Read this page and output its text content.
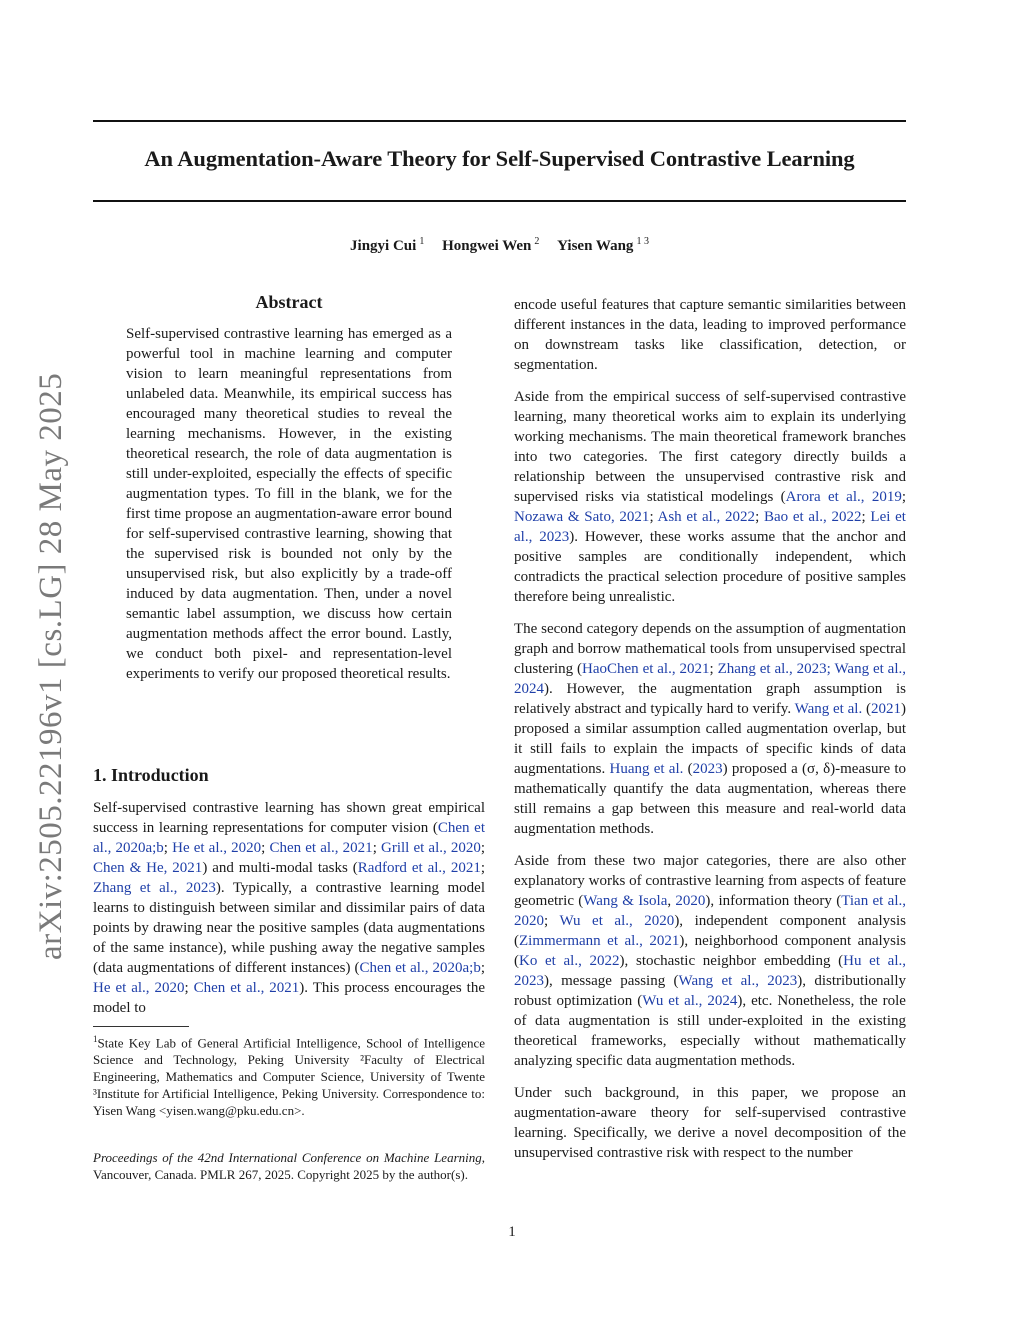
An Augmentation-Aware Theory for Self-Supervised Contrastive Learning
Jingyi Cui $^1$ Hongwei Wen $^2$ Yisen Wang $^{1 3}$
arXiv:2505.22196v1 [cs.LG] 28 May 2025
Abstract
Self-supervised contrastive learning has emerged as a powerful tool in machine learning and computer vision to learn meaningful representations from unlabeled data. Meanwhile, its empirical success has encouraged many theoretical studies to reveal the learning mechanisms. However, in the existing theoretical research, the role of data augmentation is still under-exploited, especially the effects of specific augmentation types. To fill in the blank, we for the first time propose an augmentation-aware error bound for self-supervised contrastive learning, showing that the supervised risk is bounded not only by the unsupervised risk, but also explicitly by a trade-off induced by data augmentation. Then, under a novel semantic label assumption, we discuss how certain augmentation methods affect the error bound. Lastly, we conduct both pixel- and representation-level experiments to verify our proposed theoretical results.
1. Introduction

Self-supervised contrastive learning has shown great empirical success in learning representations for computer vision (Chen et al., 2020a;b; He et al., 2020; Chen et al., 2021; Grill et al., 2020; Chen & He, 2021) and multi-modal tasks (Radford et al., 2021; Zhang et al., 2023). Typically, a contrastive learning model learns to distinguish between similar and dissimilar pairs of data points by drawing near the positive samples (data augmentations of the same instance), while pushing away the negative samples (data augmentations of different instances) (Chen et al., 2020a;b; He et al., 2020; Chen et al., 2021). This process encourages the model to

$^1$State Key Lab of General Artificial Intelligence, School of Intelligence Science and Technology, Peking University ²Faculty of Electrical Engineering, Mathematics and Computer Science, University of Twente ³Institute for Artificial Intelligence, Peking University. Correspondence to: Yisen Wang <yisen.wang@pku.edu.cn>.
Proceedings of the 42nd International Conference on Machine Learning, Vancouver, Canada. PMLR 267, 2025. Copyright 2025 by the author(s).

encode useful features that capture semantic similarities between different instances in the data, leading to improved performance on downstream tasks like classification, detection, or segmentation.

Aside from the empirical success of self-supervised contrastive learning, many theoretical works aim to explain its underlying working mechanisms. The main theoretical framework branches into two categories. The first category directly builds a relationship between the unsupervised contrastive risk and supervised risks via statistical modelings (Arora et al., 2019; Nozawa & Sato, 2021; Ash et al., 2022; Bao et al., 2022; Lei et al., 2023). However, these works assume that the anchor and positive samples are conditionally independent, which contradicts the practical selection procedure of positive samples therefore being unrealistic.

The second category depends on the assumption of augmentation graph and borrow mathematical tools from unsupervised spectral clustering (HaoChen et al., 2021; Zhang et al., 2023; Wang et al., 2024). However, the augmentation graph assumption is relatively abstract and typically hard to verify. Wang et al. (2021) proposed a similar assumption called augmentation overlap, but it still fails to explain the impacts of specific kinds of data augmentations. Huang et al. (2023) proposed a (σ, δ)-measure to mathematically quantify the data augmentation, whereas there still remains a gap between this measure and real-world data augmentation methods.

Aside from these two major categories, there are also other explanatory works of contrastive learning from aspects of feature geometric (Wang & Isola, 2020), information theory (Tian et al., 2020; Wu et al., 2020), independent component analysis (Zimmermann et al., 2021), neighborhood component analysis (Ko et al., 2022), stochastic neighbor embedding (Hu et al., 2023), message passing (Wang et al., 2023), distributionally robust optimization (Wu et al., 2024), etc. Nonetheless, the role of data augmentation is still under-exploited in the existing theoretical frameworks, especially without mathematically analyzing specific data augmentation methods.

Under such background, in this paper, we propose an augmentation-aware theory for self-supervised contrastive learning. Specifically, we derive a novel decomposition of the unsupervised contrastive risk with respect to the number

1
